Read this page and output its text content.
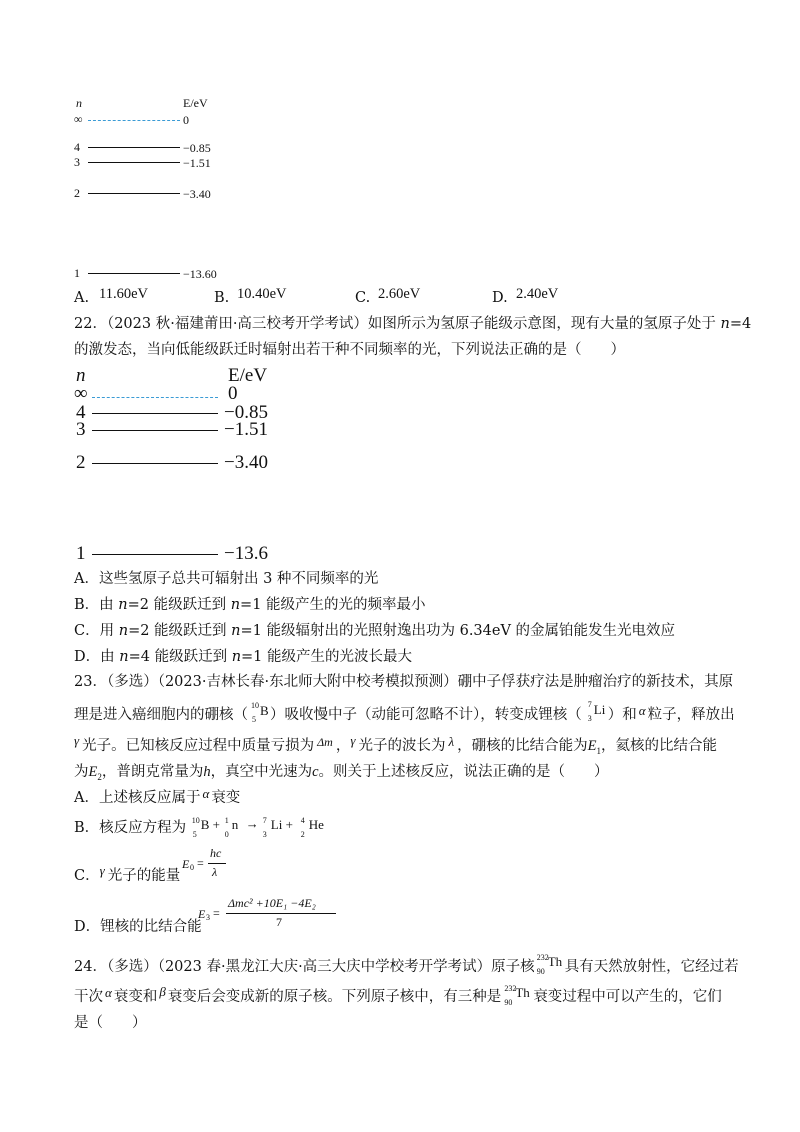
n	E/eV
∞	0
4	−0.85
3	−1.51
2	−3.40
1	−13.60
A. 11.60eV	B. 10.40eV	C. 2.60eV	D. 2.40eV
22．（2023 秋·福建莆田·高三校考开学考试）如图所示为氢原子能级示意图，现有大量的氢原子处于 n=4
的激发态，当向低能级跃迁时辐射出若干种不同频率的光，下列说法正确的是（　　）
n	E/eV
∞	0
4	−0.85
3	−1.51
2	−3.40
1	−13.6
A．这些氢原子总共可辐射出 3 种不同频率的光
B．由 n=2 能级跃迁到 n=1 能级产生的光的频率最小
C．用 n=2 能级跃迁到 n=1 能级辐射出的光照射逸出功为 6.34eV 的金属铂能发生光电效应
D．由 n=4 能级跃迁到 n=1 能级产生的光波长最大
23．（多选）（2023·吉林长春·东北师大附中校考模拟预测）硼中子俘获疗法是肿瘤治疗的新技术，其原
理是进入癌细胞内的硼核（
10
5
B ）吸收慢中子（动能可忽略不计），转变成锂核（
7
3
Li ）和 α 粒子，释放出
γ 光子。已知核反应过程中质量亏损为 $^{\Delta m}$ ，γ 光子的波长为 λ ，硼核的比结合能为$E_1$，氦核的比结合能
为$E_2$，普朗克常量为h，真空中光速为c。则关于上述核反应，说法正确的是（　　）
A．上述核反应属于 α 衰变
B．核反应方程为 10
5
B + 1
0
n → 7
3
Li + 4
2
He
C．γ 光子的能量
E 0 =
hc
λ
D．锂核的比结合能
E 3 =
Δmc² +10E₁ −4E₂
7
24．（多选）（2023 春·黑龙江大庆·高三大庆中学校考开学考试）原子核
232
90
Th 具有天然放射性，它经过若
干次 α 衰变和 β 衰变后会变成新的原子核。下列原子核中，有三种是
232
90
Th 衰变过程中可以产生的，它们
是（　　）
